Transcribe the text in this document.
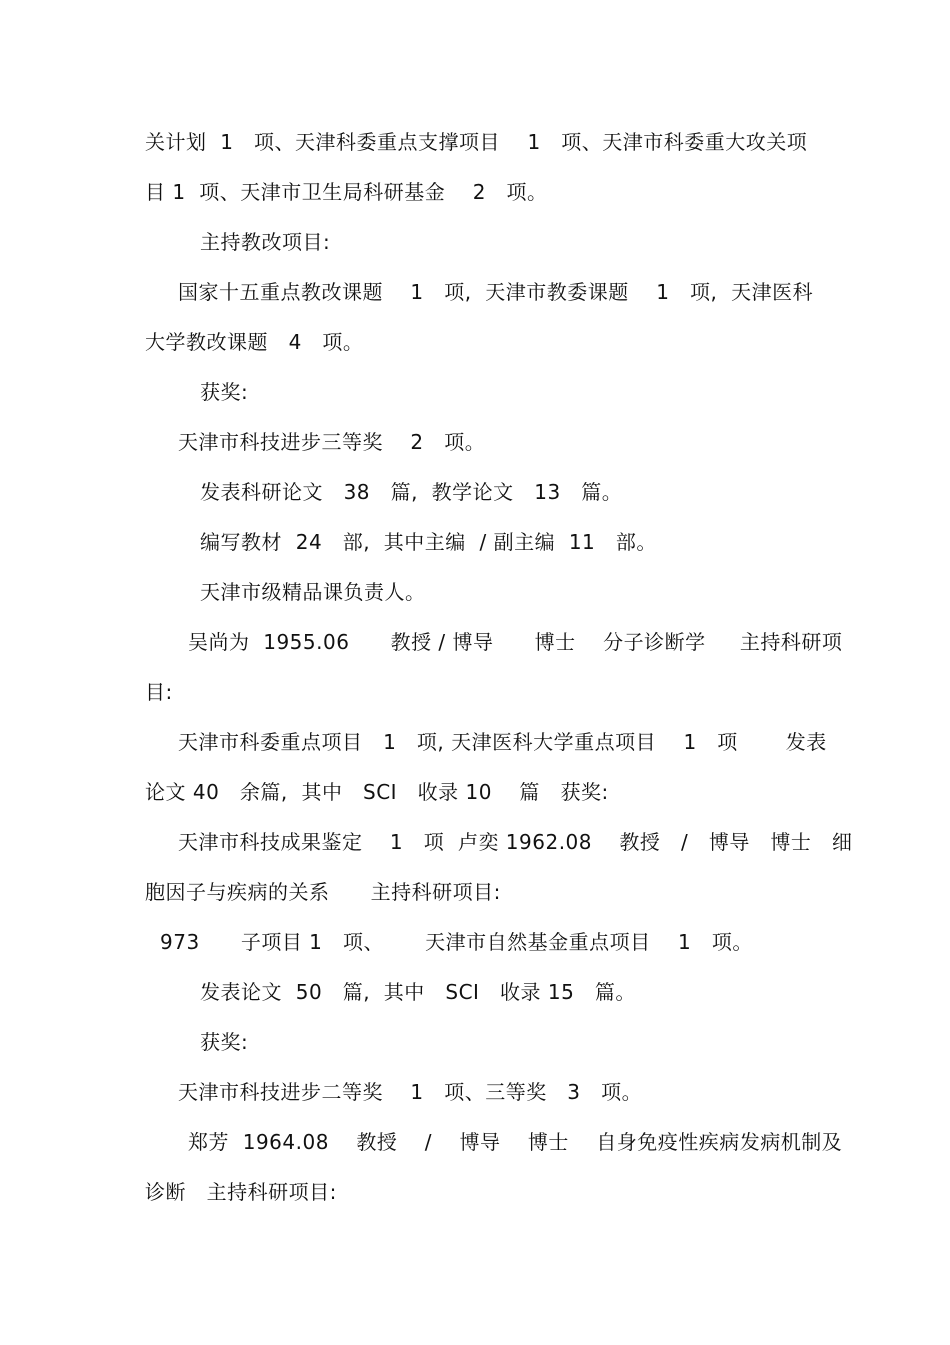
关计划  1   项、天津科委重点支撑项目    1   项、天津市科委重大攻关项
目 1  项、天津市卫生局科研基金    2   项。
主持教改项目:
国家十五重点教改课题    1   项,  天津市教委课题    1   项,  天津医科
大学教改课题   4   项。
获奖:
天津市科技进步三等奖    2   项。
发表科研论文   38   篇,  教学论文   13   篇。
编写教材  24   部,  其中主编  / 副主编  11   部。
天津市级精品课负责人。
吴尚为  1955.06      教授 / 博导      博士    分子诊断学     主持科研项
目:
天津市科委重点项目   1   项, 天津医科大学重点项目    1   项       发表
论文 40   余篇,  其中   SCI   收录 10    篇   获奖:
天津市科技成果鉴定    1   项  卢奕 1962.08    教授   /   博导   博士   细
胞因子与疾病的关系      主持科研项目:
973      子项目 1   项、      天津市自然基金重点项目    1   项。
发表论文  50   篇,  其中   SCI   收录 15   篇。
获奖:
天津市科技进步二等奖    1   项、三等奖   3   项。
郑芳  1964.08    教授    /    博导    博士    自身免疫性疾病发病机制及
诊断   主持科研项目:
